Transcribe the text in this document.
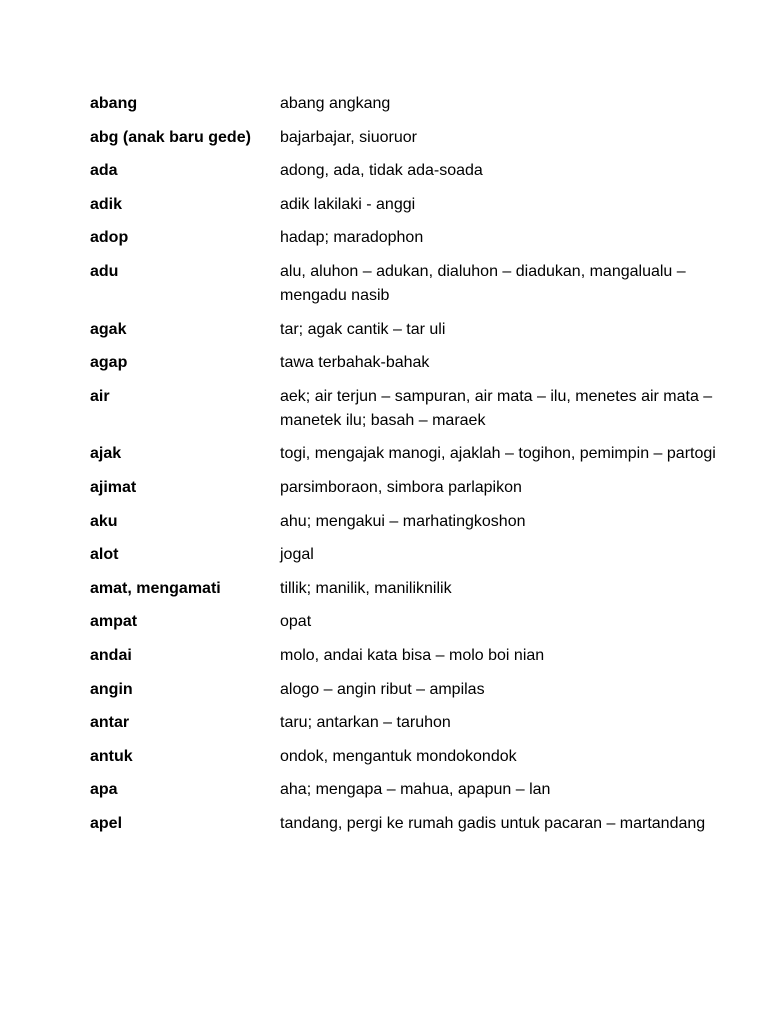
abang	abang angkang
abg (anak baru gede)	bajarbajar, siuoruor
ada	adong, ada, tidak ada-soada
adik	adik lakilaki - anggi
adop	hadap; maradophon
adu	alu, aluhon – adukan, dialuhon – diadukan, mangalualu – mengadu nasib
agak	tar; agak cantik – tar uli
agap	tawa terbahak-bahak
air	aek; air terjun – sampuran, air mata – ilu, menetes air mata – manetek ilu; basah – maraek
ajak	togi, mengajak manogi, ajaklah – togihon, pemimpin – partogi
ajimat	parsimboraon, simbora parlapikon
aku	ahu; mengakui – marhatingkoshon
alot	jogal
amat, mengamati	tillik; manilik, maniliknilik
ampat	opat
andai	molo, andai kata bisa – molo boi nian
angin	alogo – angin ribut – ampilas
antar	taru; antarkan – taruhon
antuk	ondok, mengantuk mondokondok
apa	aha; mengapa – mahua, apapun – lan
apel	tandang, pergi ke rumah gadis untuk pacaran – martandang
